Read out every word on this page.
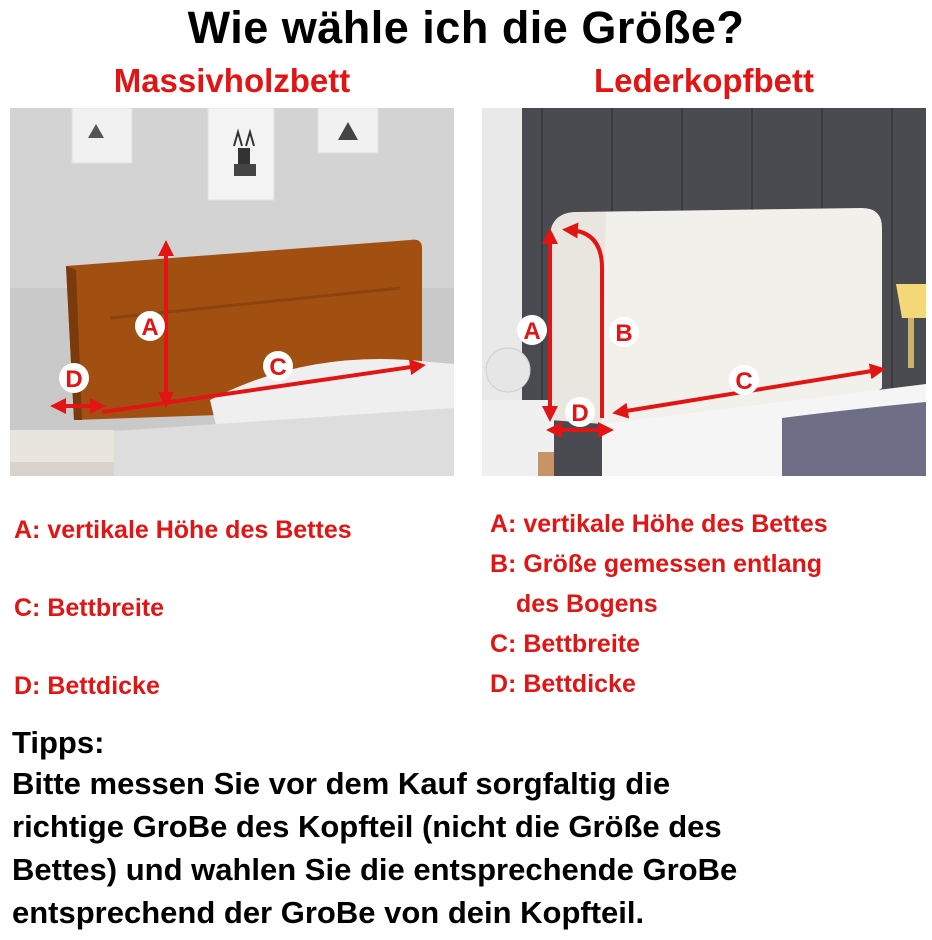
Wie wähle ich die Größe?
Massivholzbett	Lederkopfbett
A
C
D
A	B
C
D
A: vertikale Höhe des Bettes
C: Bettbreite
D: Bettdicke
A: vertikale Höhe des Bettes
B: Größe gemessen entlang
des Bogens
C: Bettbreite
D: Bettdicke
Tipps:
Bitte messen Sie vor dem Kauf sorgfaltig die
richtige GroBe des Kopfteil (nicht die Größe des
Bettes) und wahlen Sie die entsprechende GroBe
entsprechend der GroBe von dein Kopfteil.
